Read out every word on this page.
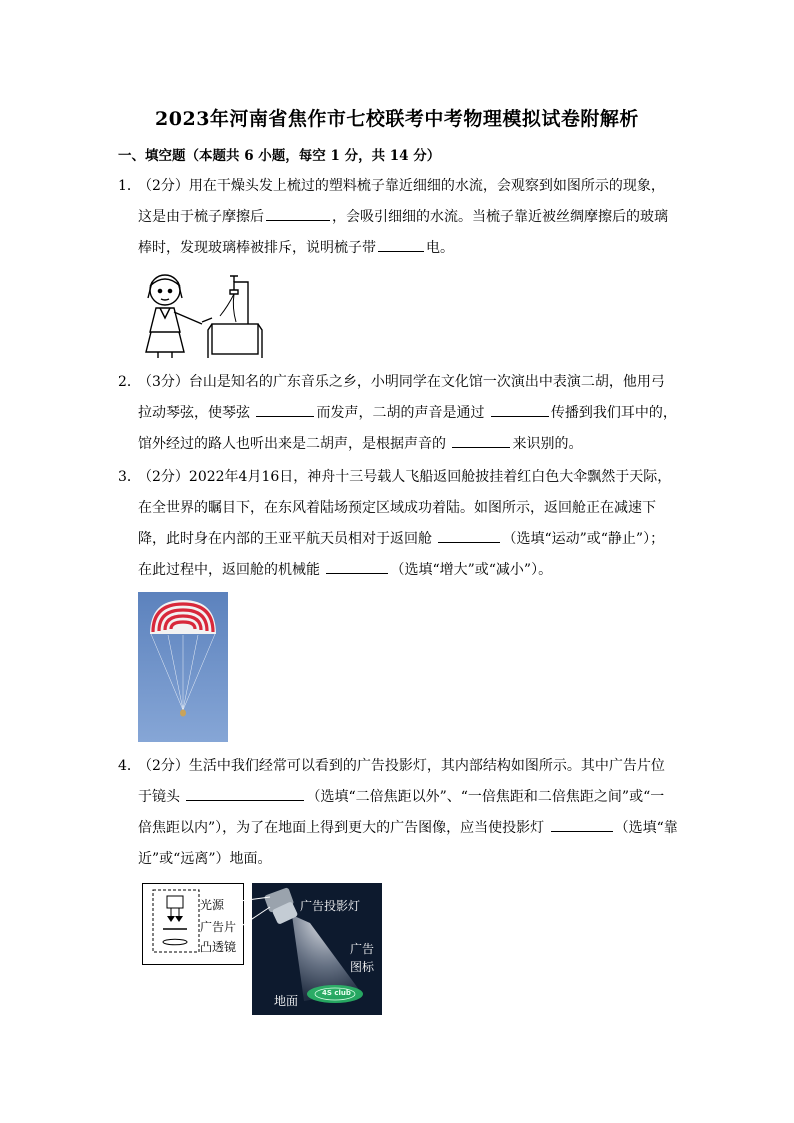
2023年河南省焦作市七校联考中考物理模拟试卷附解析
一、填空题（本题共 6 小题，每空 1 分，共 14 分）
1．
（2分）用在干燥头发上梳过的塑料梳子靠近细细的水流，会观察到如图所示的现象，这是由于梳子摩擦后	，会吸引细细的水流。当梳子靠近被丝绸摩擦后的玻璃棒时，发现玻璃棒被排斥，说明梳子带	电。
2．
（3分）台山是知名的广东音乐之乡，小明同学在文化馆一次演出中表演二胡，他用弓拉动琴弦，使琴弦	而发声，二胡的声音是通过	传播到我们耳中的，馆外经过的路人也听出来是二胡声，是根据声音的	来识别的。
3．
（2分）2022年4月16日，神舟十三号载人飞船返回舱披挂着红白色大伞飘然于天际，在全世界的瞩目下，在东风着陆场预定区域成功着陆。如图所示，返回舱正在减速下降，此时身在内部的王亚平航天员相对于返回舱	（选填“运动”或“静止”）；在此过程中，返回舱的机械能	（选填“增大”或“减小”）。
4．
（2分）生活中我们经常可以看到的广告投影灯，其内部结构如图所示。其中广告片位于镜头	（选填“二倍焦距以外”、“一倍焦距和二倍焦距之间”或“一倍焦距以内”），为了在地面上得到更大的广告图像，应当使投影灯	（选填“靠近”或“远离”）地面。
光源
广告片
凸透镜
广告投影灯
广告
图标
地面
4S club
